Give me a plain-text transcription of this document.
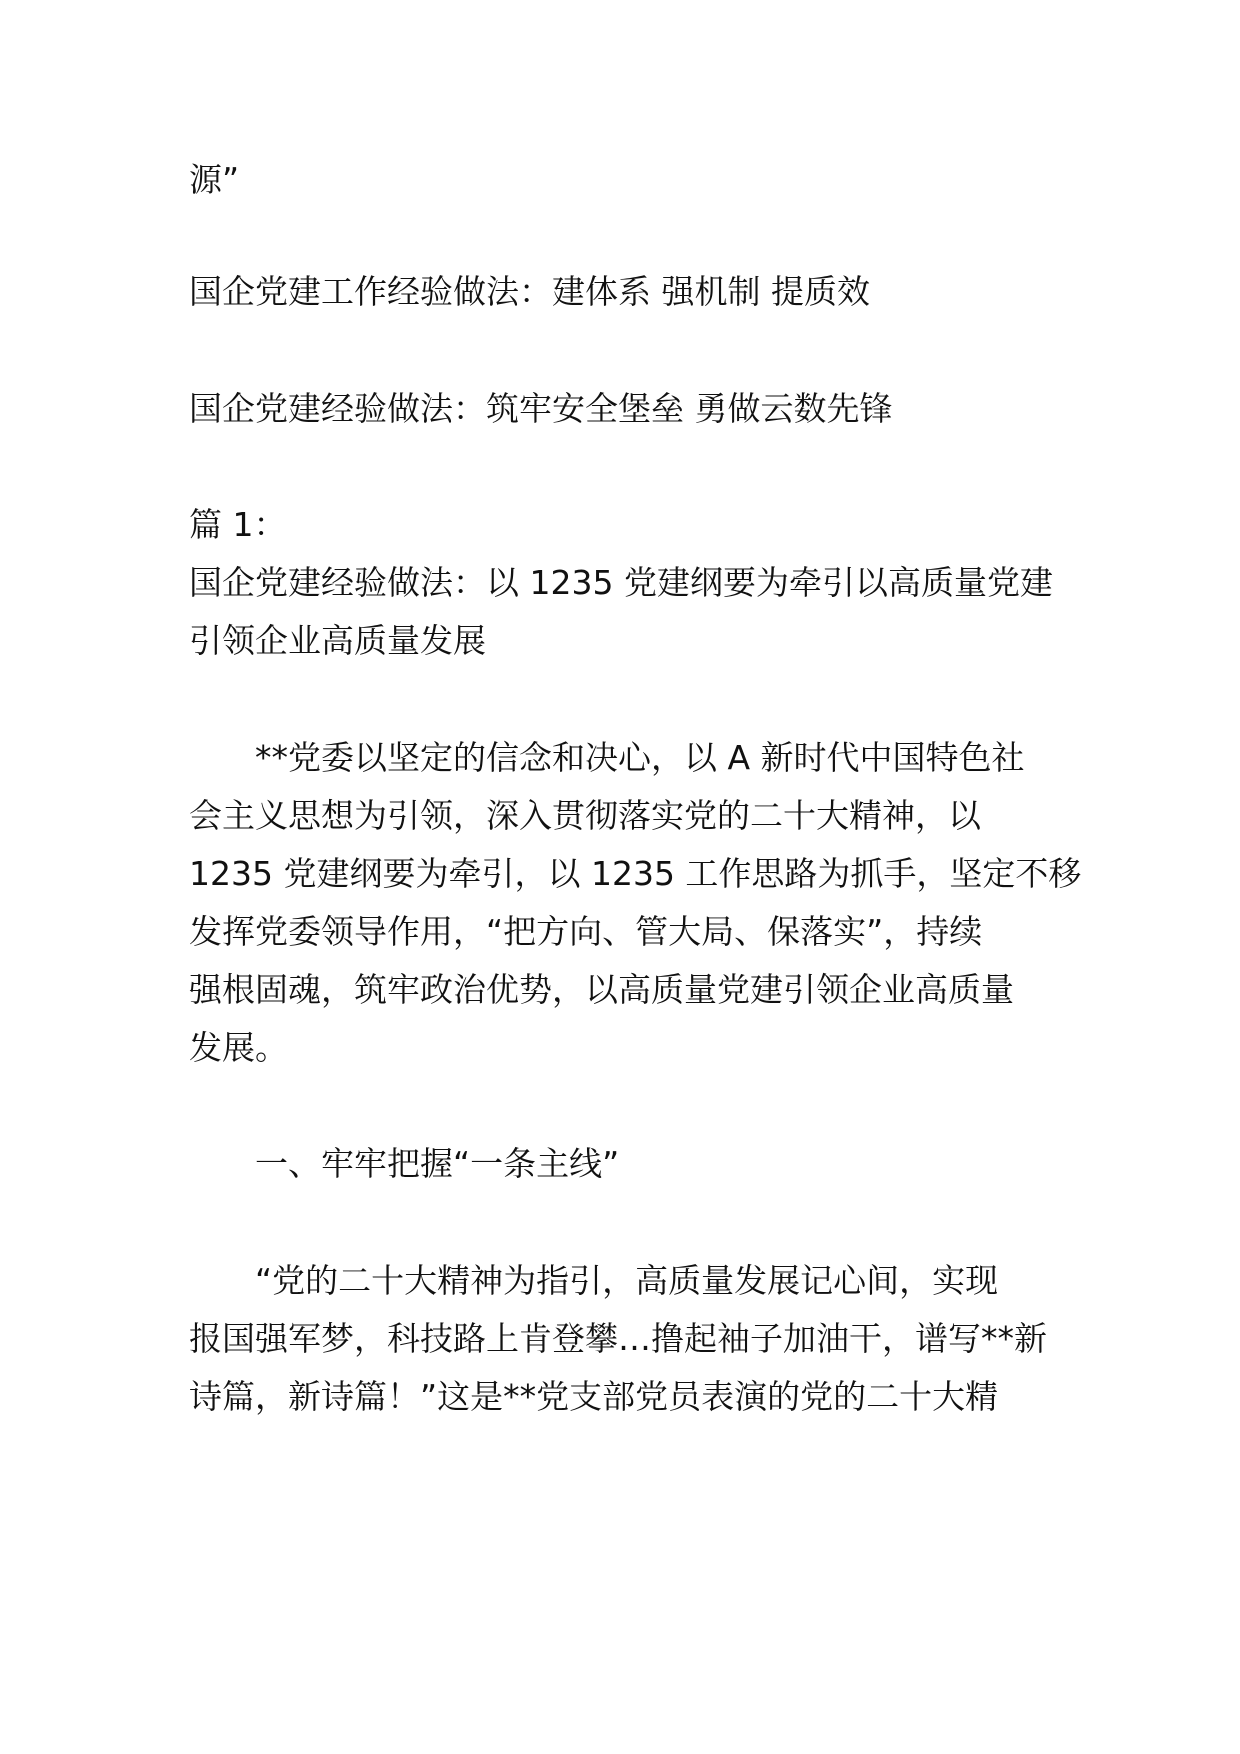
源”
国企党建工作经验做法：建体系 强机制 提质效
国企党建经验做法：筑牢安全堡垒 勇做云数先锋
篇 1：
国企党建经验做法：以 1235 党建纲要为牵引以高质量党建
引领企业高质量发展
**党委以坚定的信念和决心，以 A 新时代中国特色社
会主义思想为引领，深入贯彻落实党的二十大精神，以
1235 党建纲要为牵引，以 1235 工作思路为抓手，坚定不移
发挥党委领导作用，“把方向、管大局、保落实”，持续
强根固魂，筑牢政治优势，以高质量党建引领企业高质量
发展。
一、牢牢把握“一条主线”
“党的二十大精神为指引，高质量发展记心间，实现
报国强军梦，科技路上肯登攀…撸起袖子加油干，谱写**新
诗篇，新诗篇！”这是**党支部党员表演的党的二十大精
